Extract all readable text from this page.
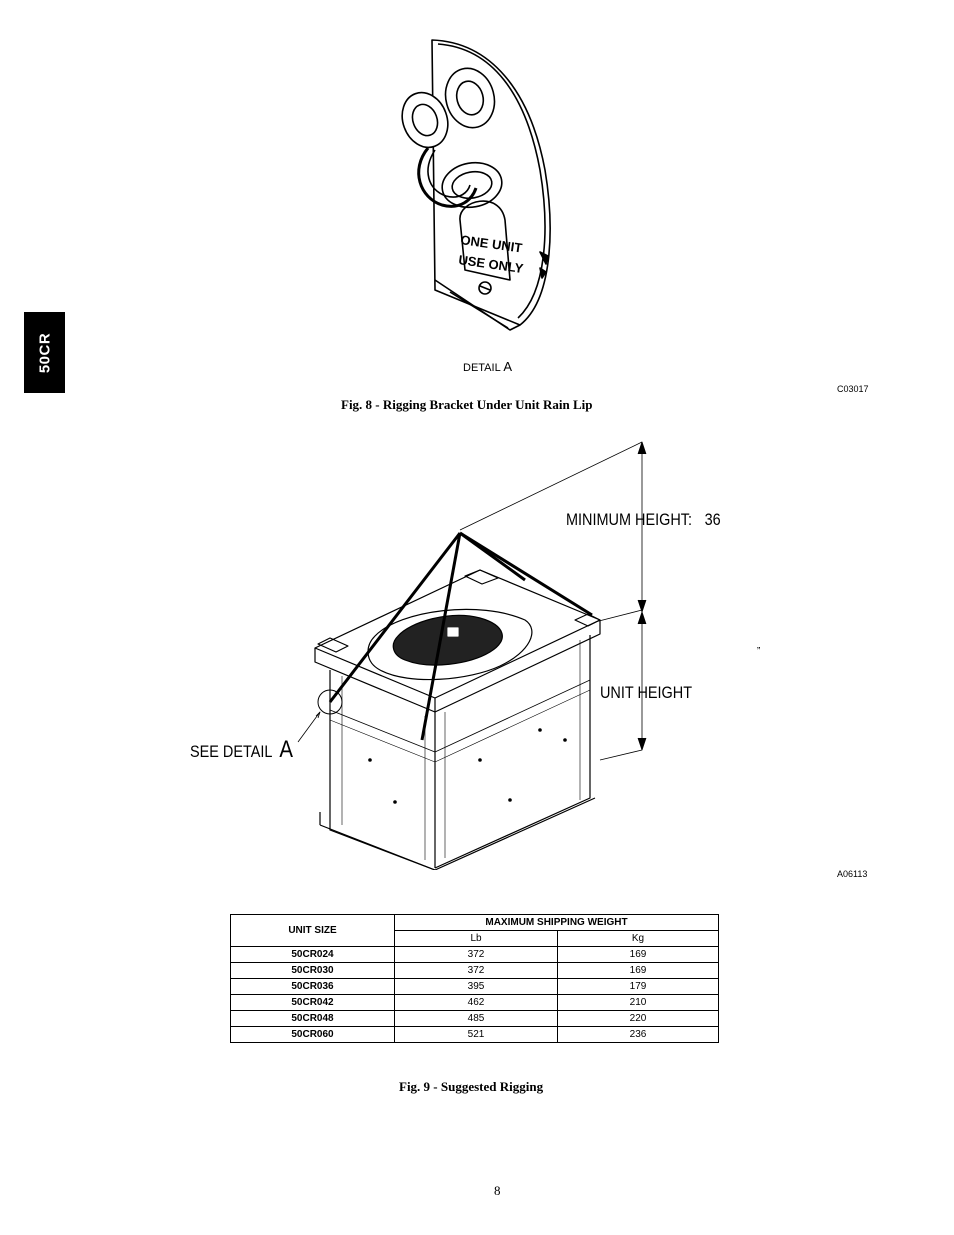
50CR
ONE UNIT
USE ONLY
DETAIL A
C03017
Fig. 8 - Rigging Bracket Under Unit Rain Lip
MINIMUM HEIGHT: 36
”
UNIT HEIGHT
SEE DETAIL A
A06113
UNIT SIZE	MAXIMUM SHIPPING WEIGHT	
	Lb	Kg
50CR024	372	169
50CR030	372	169
50CR036	395	179
50CR042	462	210
50CR048	485	220
50CR060	521	236
Fig. 9 - Suggested Rigging
8
